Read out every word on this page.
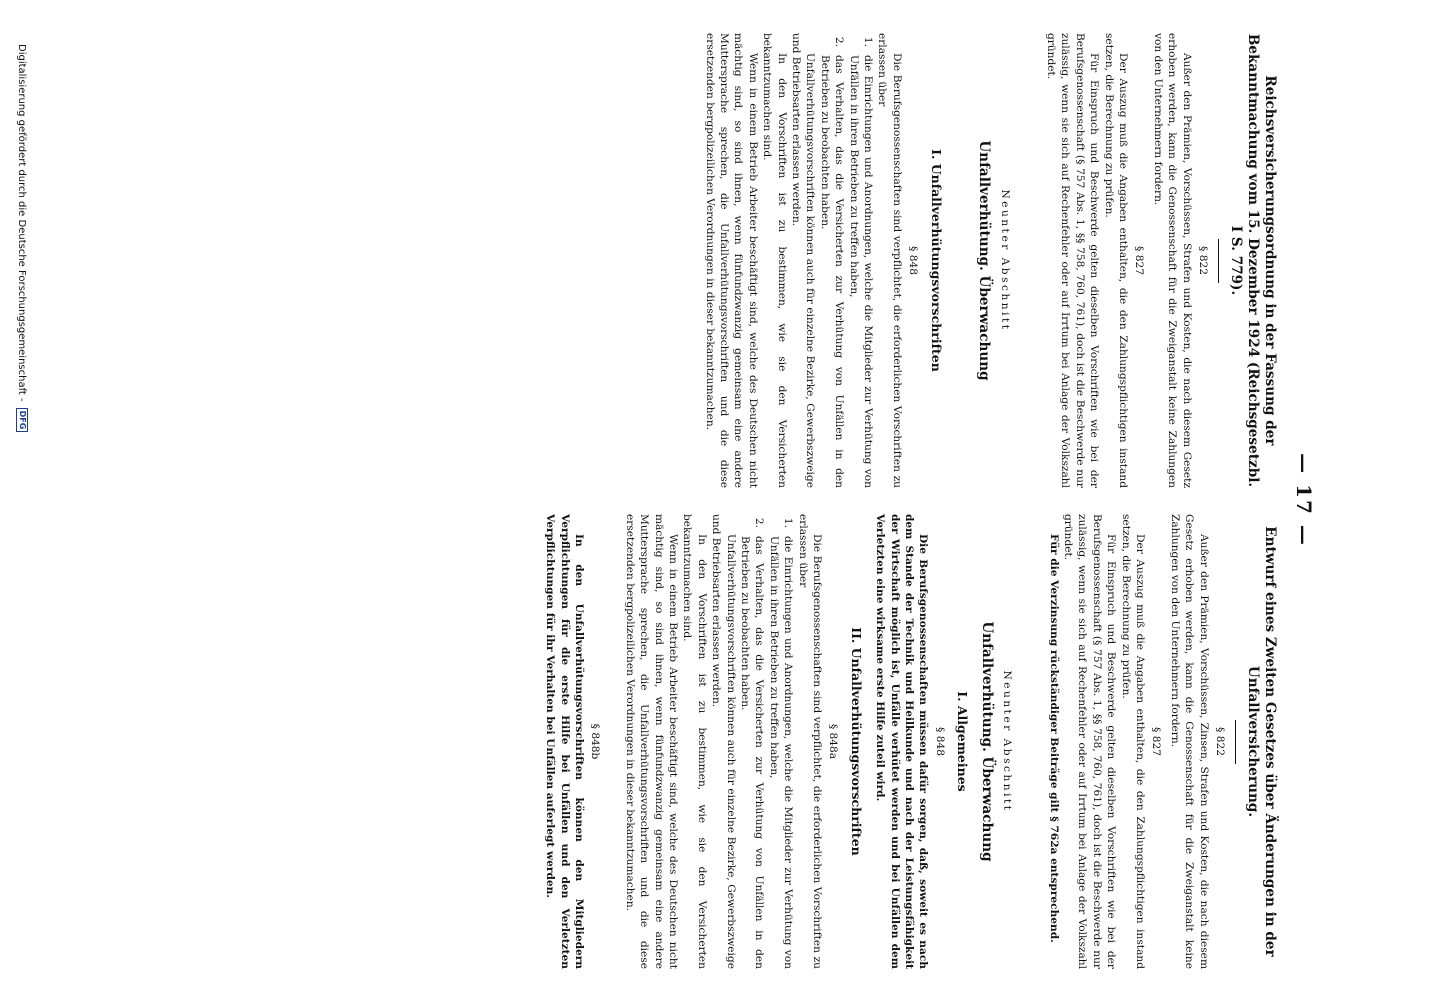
— 17 —
Reichsversicherungsordnung in der Fassung der Bekanntmachung vom 15. Dezember 1924 (Reichsgesetzbl. I S. 779).
§ 822

Außer den Prämien, Vorschüssen, Strafen und Kosten, die nach diesem Gesetz erhoben werden, kann die Genossenschaft für die Zweiganstalt keine Zahlungen von den Unternehmern fordern.

§ 827

Der Auszug muß die Angaben enthalten, die den Zahlungspflichtigen instand setzen, die Berechnung zu prüfen.

Für Einspruch und Beschwerde gelten dieselben Vorschriften wie bei der Berufsgenossenschaft (§ 757 Abs. 1, §§ 758, 760, 761), doch ist die Beschwerde nur zulässig, wenn sie sich auf Rechenfehler oder auf Irrtum bei Anlage der Volkszahl gründet.

Neunter Abschnitt
Unfallverhütung. Überwachung
I. Unfallverhütungsvorschriften
§ 848

Die Berufsgenossenschaften sind verpflichtet, die erforderlichen Vorschriften zu erlassen über

1.
die Einrichtungen und Anordnungen, welche die Mitglieder zur Verhütung von Unfällen in ihren Betrieben zu treffen haben,
2.
das Verhalten, das die Versicherten zur Verhütung von Unfällen in den Betrieben zu beobachten haben.

Unfallverhütungsvorschriften können auch für einzelne Bezirke, Gewerbszweige und Betriebsarten erlassen werden.

In den Vorschriften ist zu bestimmen, wie sie den Versicherten bekanntzumachen sind.

Wenn in einem Betrieb Arbeiter beschäftigt sind, welche des Deutschen nicht mächtig sind, so sind ihnen, wenn fünfundzwanzig gemeinsam eine andere Muttersprache sprechen, die Unfallverhütungsvorschriften und die diese ersetzenden bergpolizeilichen Verordnungen in dieser bekanntzumachen.

Entwurf eines Zweiten Gesetzes über Änderungen in der Unfallversicherung.
§ 822

Außer den Prämien, Vorschüssen, Zinsen, Strafen und Kosten, die nach diesem Gesetz erhoben werden, kann die Genossenschaft für die Zweiganstalt keine Zahlungen von den Unternehmern fordern.

§ 827

Der Auszug muß die Angaben enthalten, die den Zahlungspflichtigen instand setzen, die Berechnung zu prüfen.

Für Einspruch und Beschwerde gelten dieselben Vorschriften wie bei der Berufsgenossenschaft (§ 757 Abs. 1, §§ 758, 760, 761), doch ist die Beschwerde nur zulässig, wenn sie sich auf Rechenfehler oder auf Irrtum bei Anlage der Volkszahl gründet.

Für die Verzinsung rückständiger Beiträge gilt § 762a entsprechend.

Neunter Abschnitt
Unfallverhütung. Überwachung
I. Allgemeines
§ 848

Die Berufsgenossenschaften müssen dafür sorgen, daß, soweit es nach dem Stande der Technik und Heilkunde und nach der Leistungsfähigkeit der Wirtschaft möglich ist, Unfälle verhütet werden und bei Unfällen dem Verletzten eine wirksame erste Hilfe zuteil wird.

II. Unfallverhütungsvorschriften
§ 848a

Die Berufsgenossenschaften sind verpflichtet, die erforderlichen Vorschriften zu erlassen über

1.
die Einrichtungen und Anordnungen, welche die Mitglieder zur Verhütung von Unfällen in ihren Betrieben zu treffen haben,
2.
das Verhalten, das die Versicherten zur Verhütung von Unfällen in den Betrieben zu beobachten haben.

Unfallverhütungsvorschriften können auch für einzelne Bezirke, Gewerbszweige und Betriebsarten erlassen werden.

In den Vorschriften ist zu bestimmen, wie sie den Versicherten bekanntzumachen sind.

Wenn in einem Betrieb Arbeiter beschäftigt sind, welche des Deutschen nicht mächtig sind, so sind ihnen, wenn fünfundzwanzig gemeinsam eine andere Muttersprache sprechen, die Unfallverhütungsvorschriften und die diese ersetzenden bergpolizeilichen Verordnungen in dieser bekanntzumachen.

§ 848b

In den Unfallverhütungsvorschriften können den Mitgliedern Verpflichtungen für die erste Hilfe bei Unfällen und den Verletzten Verpflichtungen für ihr Verhalten bei Unfällen auferlegt werden.

Digitalisierung gefördert durch die Deutsche Forschungsgemeinschaft -
DFG
